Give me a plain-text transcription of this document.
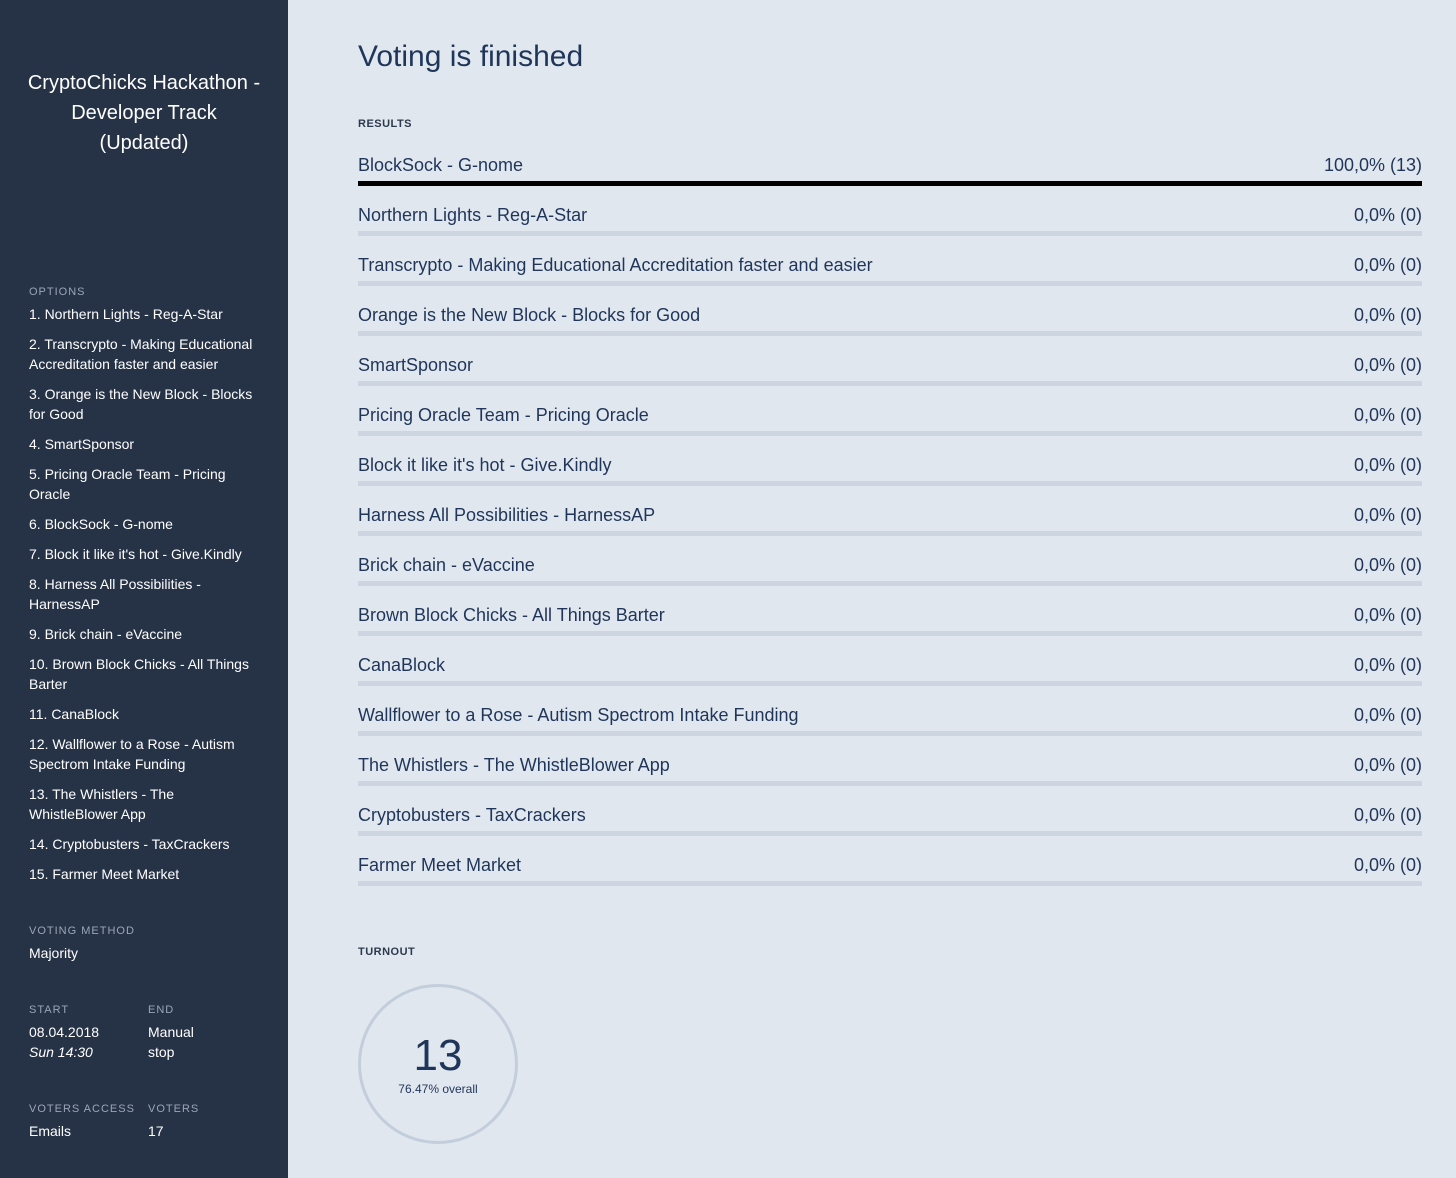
CryptoChicks Hackathon - Developer Track (Updated)
OPTIONS
1. Northern Lights - Reg-A-Star
2. Transcrypto - Making Educational Accreditation faster and easier
3. Orange is the New Block - Blocks for Good
4. SmartSponsor
5. Pricing Oracle Team - Pricing Oracle
6. BlockSock - G-nome
7. Block it like it's hot - Give.Kindly
8. Harness All Possibilities - HarnessAP
9. Brick chain - eVaccine
10. Brown Block Chicks - All Things Barter
11. CanaBlock
12. Wallflower to a Rose - Autism Spectrom Intake Funding
13. The Whistlers - The WhistleBlower App
14. Cryptobusters - TaxCrackers
15. Farmer Meet Market
VOTING METHOD
Majority
START
08.04.2018
Sun 14:30
END
Manual
stop
VOTERS ACCESS
Emails
VOTERS
17
Voting is finished
RESULTS
BlockSock - G-nome	100,0% (13)
Northern Lights - Reg-A-Star	0,0% (0)
Transcrypto - Making Educational Accreditation faster and easier	0,0% (0)
Orange is the New Block - Blocks for Good	0,0% (0)
SmartSponsor	0,0% (0)
Pricing Oracle Team - Pricing Oracle	0,0% (0)
Block it like it's hot - Give.Kindly	0,0% (0)
Harness All Possibilities - HarnessAP	0,0% (0)
Brick chain - eVaccine	0,0% (0)
Brown Block Chicks - All Things Barter	0,0% (0)
CanaBlock	0,0% (0)
Wallflower to a Rose - Autism Spectrom Intake Funding	0,0% (0)
The Whistlers - The WhistleBlower App	0,0% (0)
Cryptobusters - TaxCrackers	0,0% (0)
Farmer Meet Market	0,0% (0)
TURNOUT
13
76.47% overall
